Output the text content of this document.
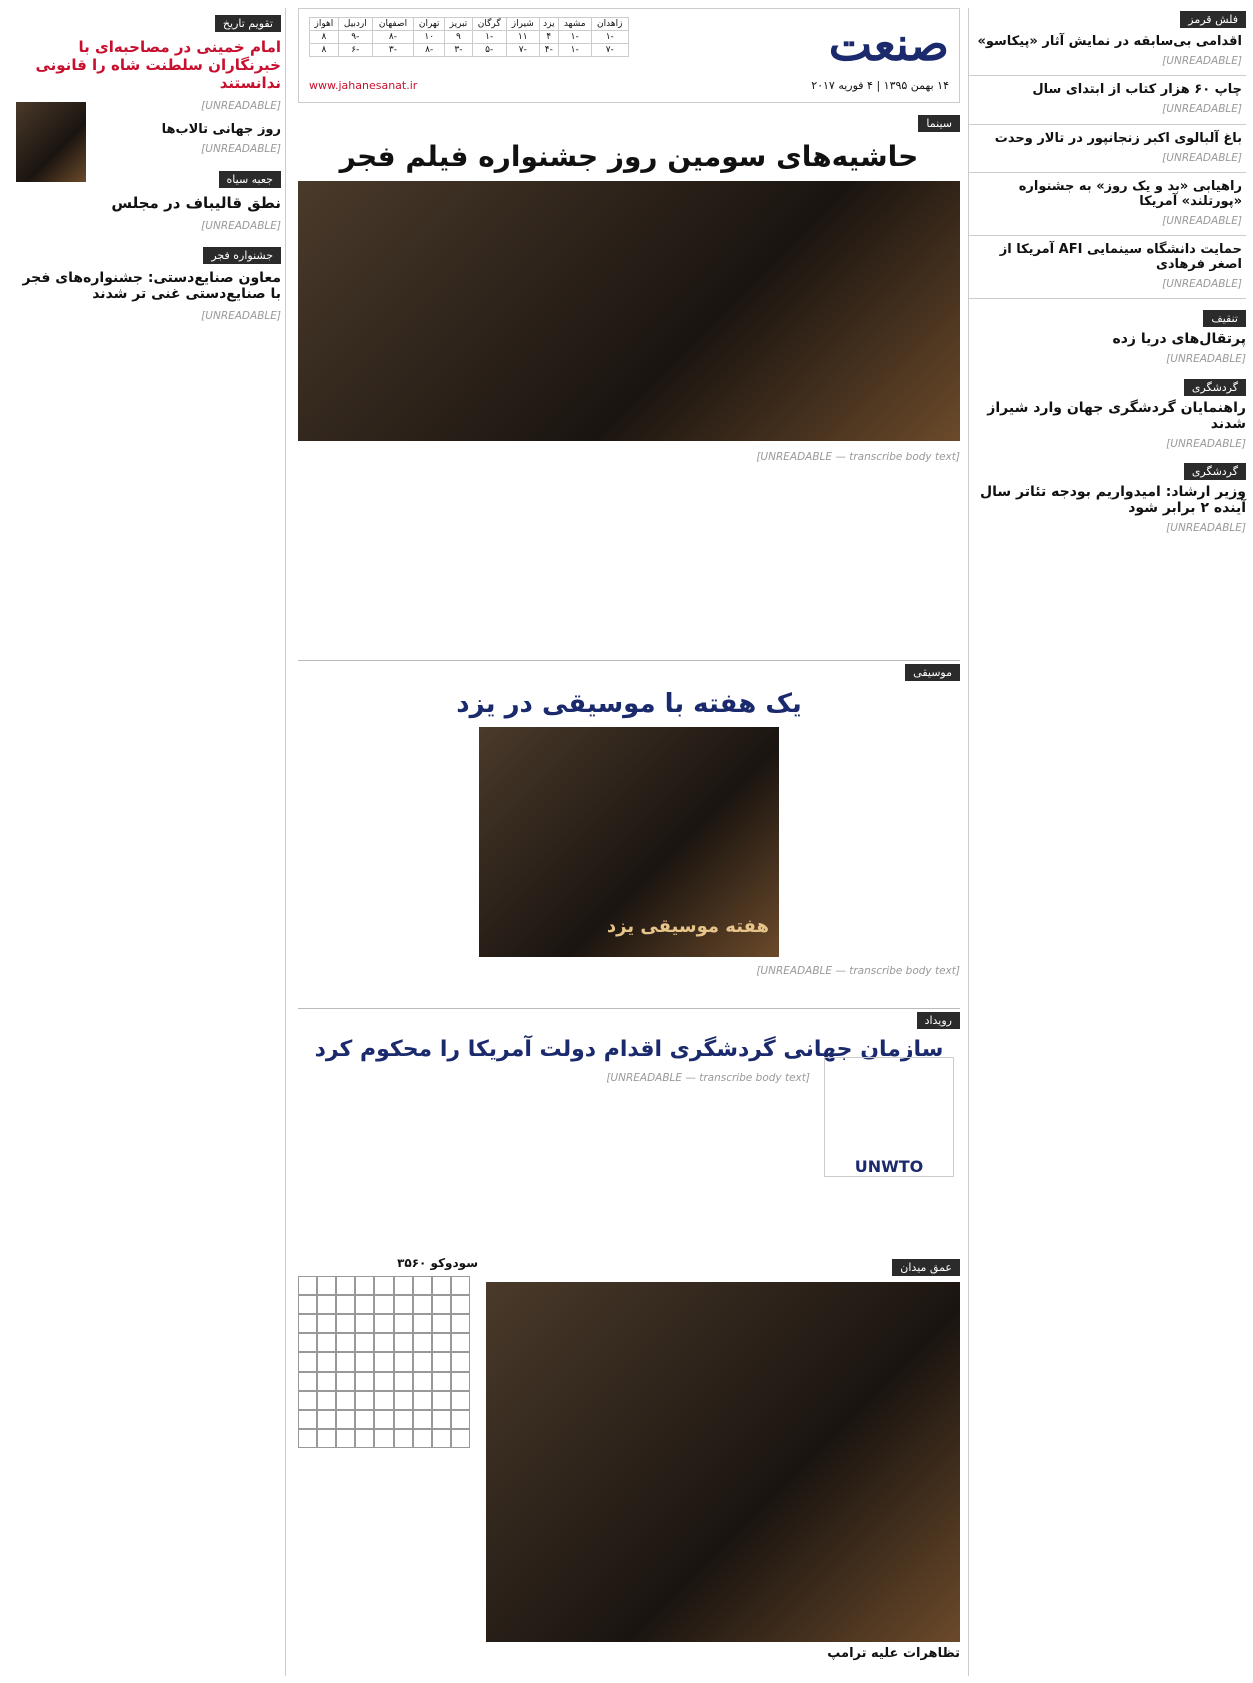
فلش قرمز
اقدامی بی‌سابقه در نمایش آثار «پیکاسو»
[UNREADABLE]
چاپ ۶۰ هزار کتاب از ابتدای سال
[UNREADABLE]
باغ آلبالوی اکبر زنجانپور در تالار وحدت
[UNREADABLE]
راهیابی «بد و یک روز» به جشنواره «پورتلند» آمریکا
[UNREADABLE]
حمایت دانشگاه سینمایی AFI آمریکا از اصغر فرهادی
[UNREADABLE]
تنقیف
پرتقال‌های دریا زده
[UNREADABLE]
گردشگری
راهنمایان گردشگری جهان وارد شیراز شدند
[UNREADABLE]
گردشگری
وزیر ارشاد: امیدواریم بودجه تئاتر سال آینده ۲ برابر شود
[UNREADABLE]
تقویم تاریخ
امام خمینی در مصاحبه‌ای با خبرنگاران سلطنت شاه را قانونی ندانستند
[UNREADABLE]
روز جهانی تالاب‌ها
[UNREADABLE]
جعبه سیاه
نطق قالیباف در مجلس
[UNREADABLE]
جشنواره فجر
معاون صنایع‌دستی: جشنواره‌های فجر با صنایع‌دستی غنی تر شدند
[UNREADABLE]
صنعت
۱۴ بهمن ۱۳۹۵ | ۴ فوریه ۲۰۱۷
www.jahanesanat.ir
زاهدان	مشهد	یزد	شیراز	گرگان	تبریز	تهران	اصفهان	اردبیل	اهواز
-۱	-۱	۴	۱۱	-۱	۹	۱۰	-۸	-۹	۸
-۷	-۱	-۴	-۷	-۵	-۳	-۸	-۳	-۶	۸
سینما
حاشیه‌های سومین روز جشنواره فیلم فجر
[UNREADABLE — transcribe body text]
موسیقی
یک هفته با موسیقی در یزد
هفته موسیقی یزد
[UNREADABLE — transcribe body text]
رویداد
سازمان جهانی گردشگری اقدام دولت آمریکا را محکوم کرد
UNWTO
[UNREADABLE — transcribe body text]
سودوکو ۳۵۶۰	عمق میدان
تظاهرات علیه ترامپ
